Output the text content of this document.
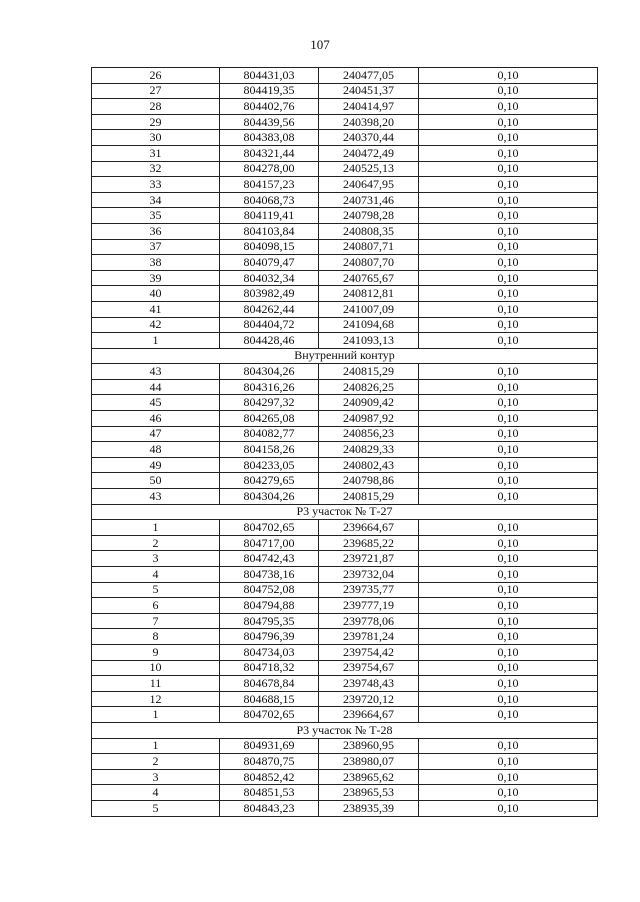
107
26	804431,03	240477,05	0,10
27	804419,35	240451,37	0,10
28	804402,76	240414,97	0,10
29	804439,56	240398,20	0,10
30	804383,08	240370,44	0,10
31	804321,44	240472,49	0,10
32	804278,00	240525,13	0,10
33	804157,23	240647,95	0,10
34	804068,73	240731,46	0,10
35	804119,41	240798,28	0,10
36	804103,84	240808,35	0,10
37	804098,15	240807,71	0,10
38	804079,47	240807,70	0,10
39	804032,34	240765,67	0,10
40	803982,49	240812,81	0,10
41	804262,44	241007,09	0,10
42	804404,72	241094,68	0,10
1	804428,46	241093,13	0,10
Внутренний контур			
43	804304,26	240815,29	0,10
44	804316,26	240826,25	0,10
45	804297,32	240909,42	0,10
46	804265,08	240987,92	0,10
47	804082,77	240856,23	0,10
48	804158,26	240829,33	0,10
49	804233,05	240802,43	0,10
50	804279,65	240798,86	0,10
43	804304,26	240815,29	0,10
Р3 участок № Т-27			
1	804702,65	239664,67	0,10
2	804717,00	239685,22	0,10
3	804742,43	239721,87	0,10
4	804738,16	239732,04	0,10
5	804752,08	239735,77	0,10
6	804794,88	239777,19	0,10
7	804795,35	239778,06	0,10
8	804796,39	239781,24	0,10
9	804734,03	239754,42	0,10
10	804718,32	239754,67	0,10
11	804678,84	239748,43	0,10
12	804688,15	239720,12	0,10
1	804702,65	239664,67	0,10
Р3 участок № Т-28			
1	804931,69	238960,95	0,10
2	804870,75	238980,07	0,10
3	804852,42	238965,62	0,10
4	804851,53	238965,53	0,10
5	804843,23	238935,39	0,10
